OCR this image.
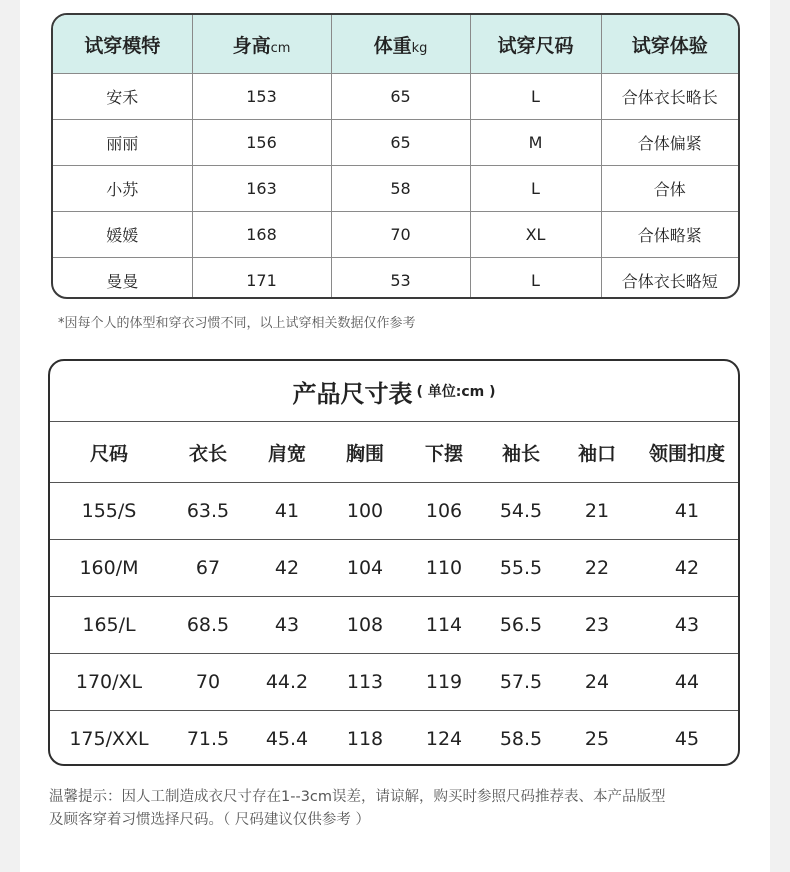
试穿模特	身高cm	体重kg	试穿尺码	试穿体验
安禾	153	65	L	合体衣长略长
丽丽	156	65	M	合体偏紧
小苏	163	58	L	合体
媛媛	168	70	XL	合体略紧
曼曼	171	53	L	合体衣长略短
*因每个人的体型和穿衣习惯不同，以上试穿相关数据仅作参考
产品尺寸表 ( 单位:cm )
尺码	衣长	肩宽	胸围	下摆	袖长	袖口	领围扣度
155/S	63.5	41	100	106	54.5	21	41
160/M	67	42	104	110	55.5	22	42
165/L	68.5	43	108	114	56.5	23	43
170/XL	70	44.2	113	119	57.5	24	44
175/XXL	71.5	45.4	118	124	58.5	25	45
温馨提示：因人工制造成衣尺寸存在1--3cm误差，请谅解，购买时参照尺码推荐表、本产品版型
及顾客穿着习惯选择尺码。（ 尺码建议仅供参考 ）
